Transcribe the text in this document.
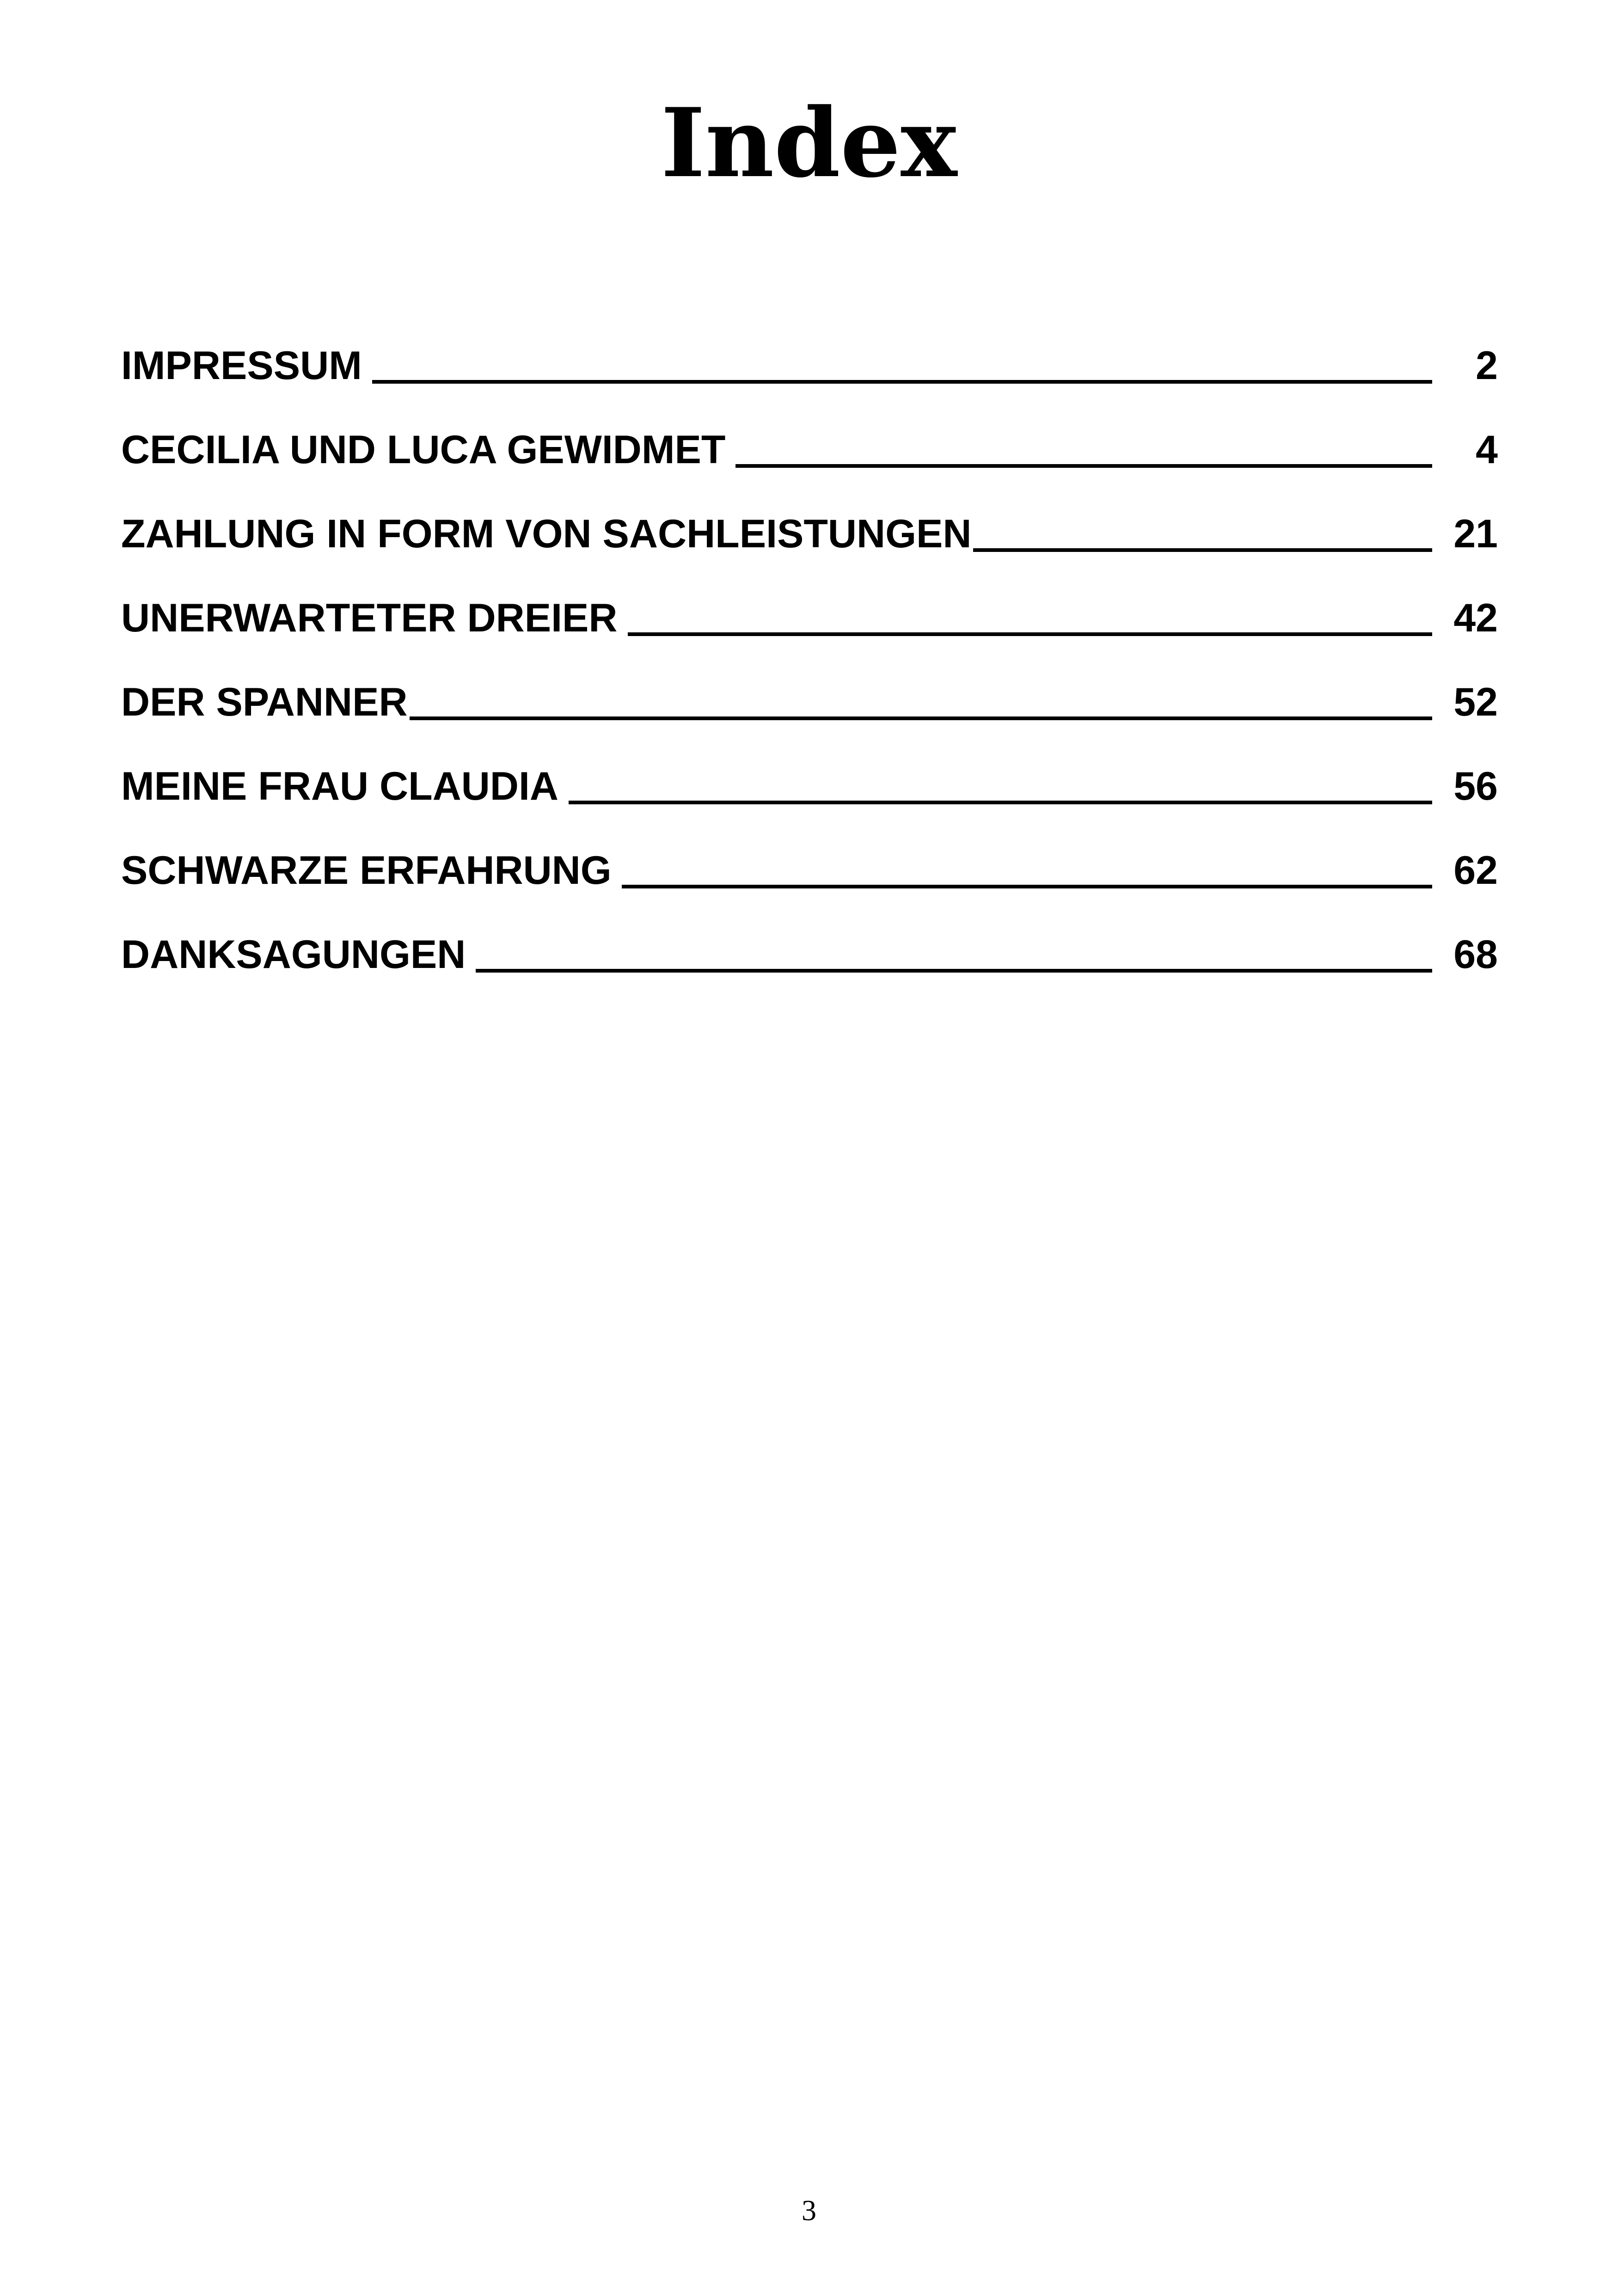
Index
IMPRESSUM	2
CECILIA UND LUCA GEWIDMET	4
ZAHLUNG IN FORM VON SACHLEISTUNGEN	21
UNERWARTETER DREIER	42
DER SPANNER	52
MEINE FRAU CLAUDIA	56
SCHWARZE ERFAHRUNG	62
DANKSAGUNGEN	68
3
